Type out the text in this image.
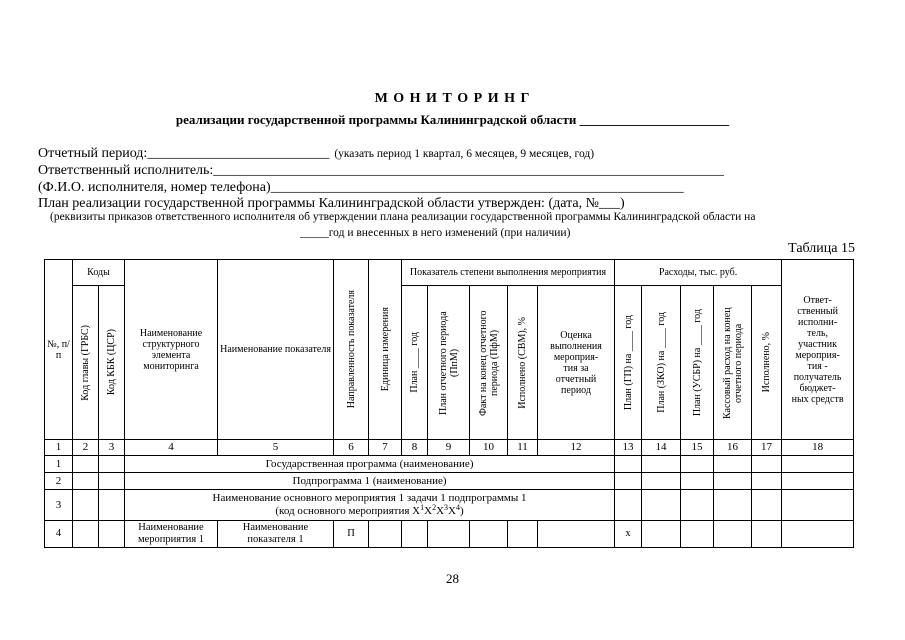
М О Н И Т О Р И Н Г
реализации государственной программы Калининградской области _______________________
Отчетный период:__________________________ (указать период 1 квартал, 6 месяцев, 9 месяцев, год)
Ответственный исполнитель:_________________________________________________________________________
(Ф.И.О. исполнителя, номер телефона)___________________________________________________________
План реализации государственной программы Калининградской области утвержден: (дата, №___)
(реквизиты приказов ответственного исполнителя об утверждении плана реализации государственной программы Калининградской области на
_____год и внесенных в него изменений (при наличии)
Таблица 15
№, п/п	Коды		Наименование структурного элемента мониторинга	Наименование показателя	Направленность показателя	Единица измерения	Показатель степени выполнения мероприятия					Расходы, тыс. руб.					Ответ-ственный исполни-тель, участник мероприя-тия - получатель бюджет-ных средств

	Код главы (ГРБС)	Код КБК (ЦСР)					План ____ год	План отчетного периода (ПпМ)	Факт на конец отчетного периода (ПфМ)	Исполнено (СВМ), %	Оценка выполнения мероприя-тия за отчетный период	План (ГП) на ____ год	План (ЗКО) на ____ год	План (УСБР) на ____ год	Кассовый расход на конец отчетного периода	Исполнено, %	

1	2	3	4	5	6	7	8	9	10	11	12	13	14	15	16	17	18
1			Государственная программа (наименование)														
2			Подпрограмма 1 (наименование)														
3			Наименование основного мероприятия 1 задачи 1 подпрограммы 1
(код основного мероприятия $X^1X^2X^3X^4$)														

4			Наименование мероприятия 1	Наименование показателя 1	П							х					
28
